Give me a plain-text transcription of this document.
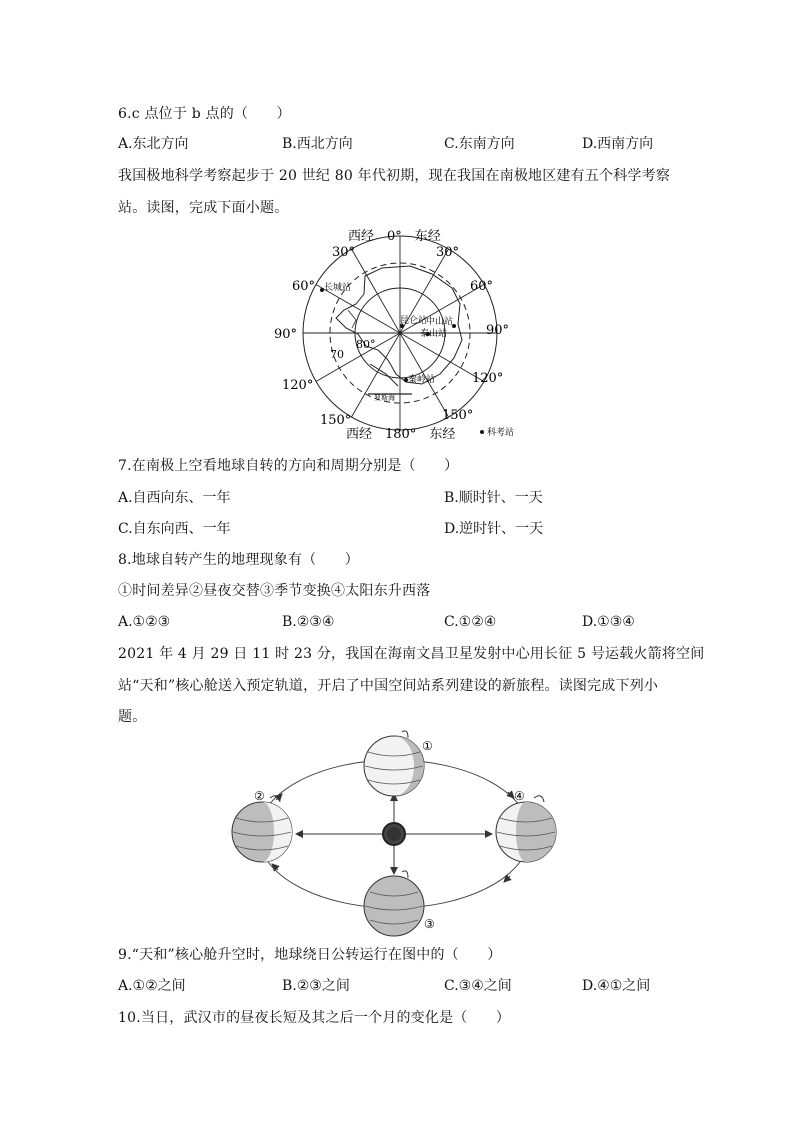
6.c 点位于 b 点的（　　）
A.东北方向	B.西北方向	C.东南方向	D.西南方向
我国极地科学考察起步于 20 世纪 80 年代初期，现在我国在南极地区建有五个科学考察
站。读图，完成下面小题。
西经　0°　东经
30°	30°
60°	60°
90°	90°
120°	120°
150°	150°
西经　180°　东经
70
80°
长城站
昆仑站
中山站
泰山站
秦岭站
罗斯海
科考站
7.在南极上空看地球自转的方向和周期分别是（　　）
A.自西向东、一年	B.顺时针、一天
C.自东向西、一年	D.逆时针、一天
8.地球自转产生的地理现象有（　　）
①时间差异②昼夜交替③季节变换④太阳东升西落
A.①②③	B.②③④	C.①②④	D.①③④
2021 年 4 月 29 日 11 时 23 分，我国在海南文昌卫星发射中心用长征 5 号运载火箭将空间
站“天和”核心舱送入预定轨道，开启了中国空间站系列建设的新旅程。读图完成下列小
题。
①
②
③
④
9.“天和”核心舱升空时，地球绕日公转运行在图中的（　　）
A.①②之间	B.②③之间	C.③④之间	D.④①之间
10.当日，武汉市的昼夜长短及其之后一个月的变化是（　　）
